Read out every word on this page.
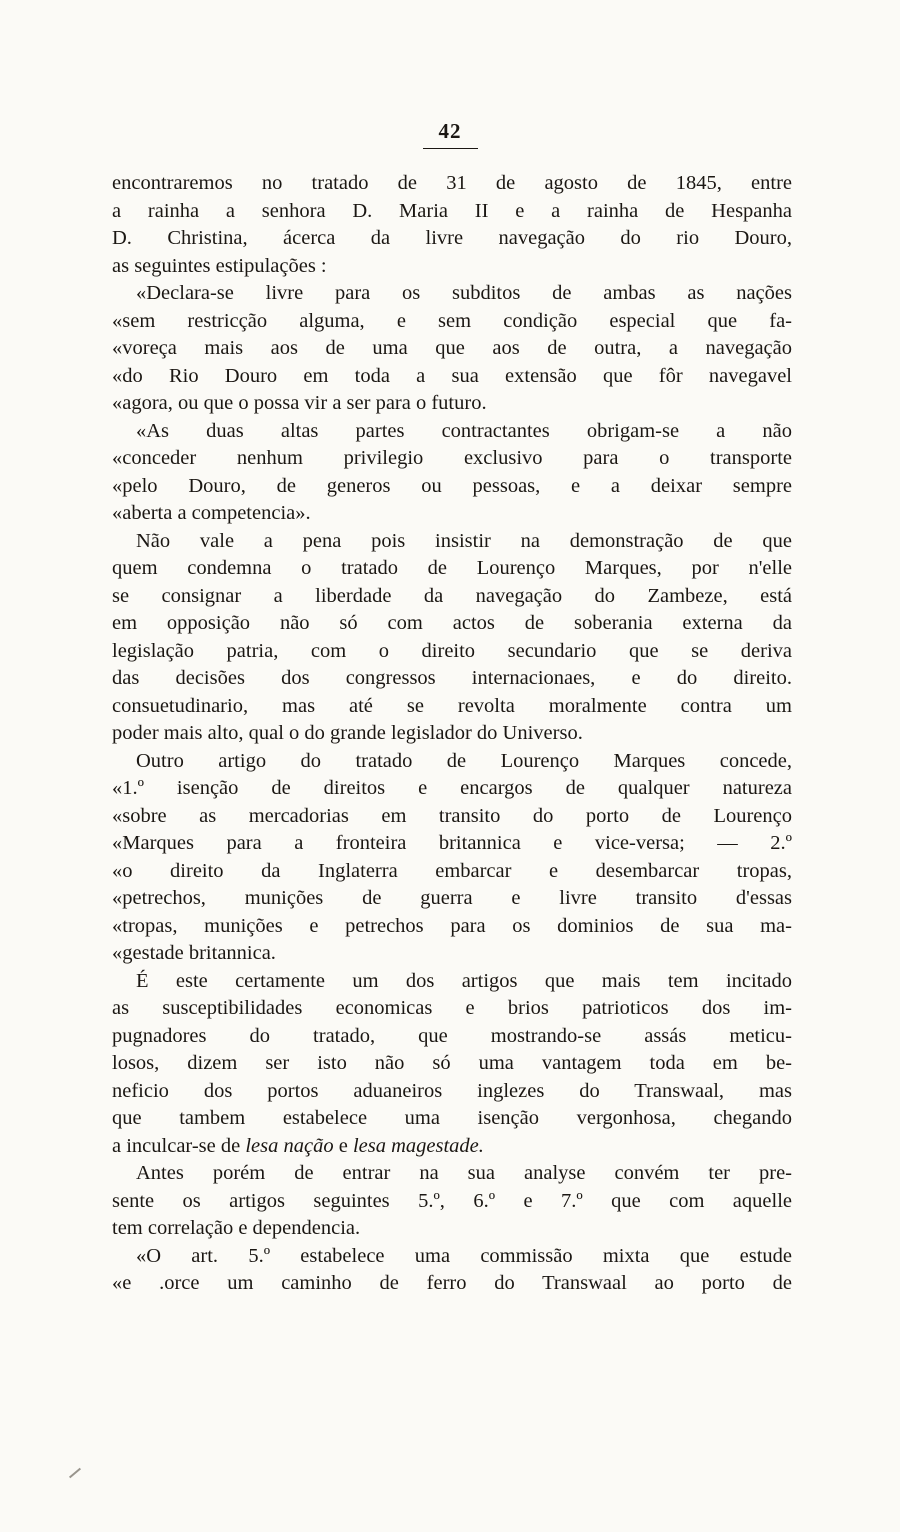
42
encontraremos no tratado de 31 de agosto de 1845, entre
a rainha a senhora D. Maria II e a rainha de Hespanha
D. Christina, ácerca da livre navegação do rio Douro,
as seguintes estipulações :
«Declara-se livre para os subditos de ambas as nações
«sem restricção alguma, e sem condição especial que fa-
«voreça mais aos de uma que aos de outra, a navegação
«do Rio Douro em toda a sua extensão que fôr navegavel
«agora, ou que o possa vir a ser para o futuro.
«As duas altas partes contractantes obrigam-se a não
«conceder nenhum privilegio exclusivo para o transporte
«pelo Douro, de generos ou pessoas, e a deixar sempre
«aberta a competencia».
Não vale a pena pois insistir na demonstração de que
quem condemna o tratado de Lourenço Marques, por n'elle
se consignar a liberdade da navegação do Zambeze, está
em opposição não só com actos de soberania externa da
legislação patria, com o direito secundario que se deriva
das decisões dos congressos internacionaes, e do direito.
consuetudinario, mas até se revolta moralmente contra um
poder mais alto, qual o do grande legislador do Universo.
Outro artigo do tratado de Lourenço Marques concede,
«1.º isenção de direitos e encargos de qualquer natureza
«sobre as mercadorias em transito do porto de Lourenço
«Marques para a fronteira britannica e vice-versa; — 2.º
«o direito da Inglaterra embarcar e desembarcar tropas,
«petrechos, munições de guerra e livre transito d'essas
«tropas, munições e petrechos para os dominios de sua ma-
«gestade britannica.
É este certamente um dos artigos que mais tem incitado
as susceptibilidades economicas e brios patrioticos dos im-
pugnadores do tratado, que mostrando-se assás meticu-
losos, dizem ser isto não só uma vantagem toda em be-
neficio dos portos aduaneiros inglezes do Transwaal, mas
que tambem estabelece uma isenção vergonhosa, chegando
a inculcar-se de lesa nação e lesa magestade.
Antes porém de entrar na sua analyse convém ter pre-
sente os artigos seguintes 5.º, 6.º e 7.º que com aquelle
tem correlação e dependencia.
«O art. 5.º estabelece uma commissão mixta que estude
«e .orce um caminho de ferro do Transwaal ao porto de
